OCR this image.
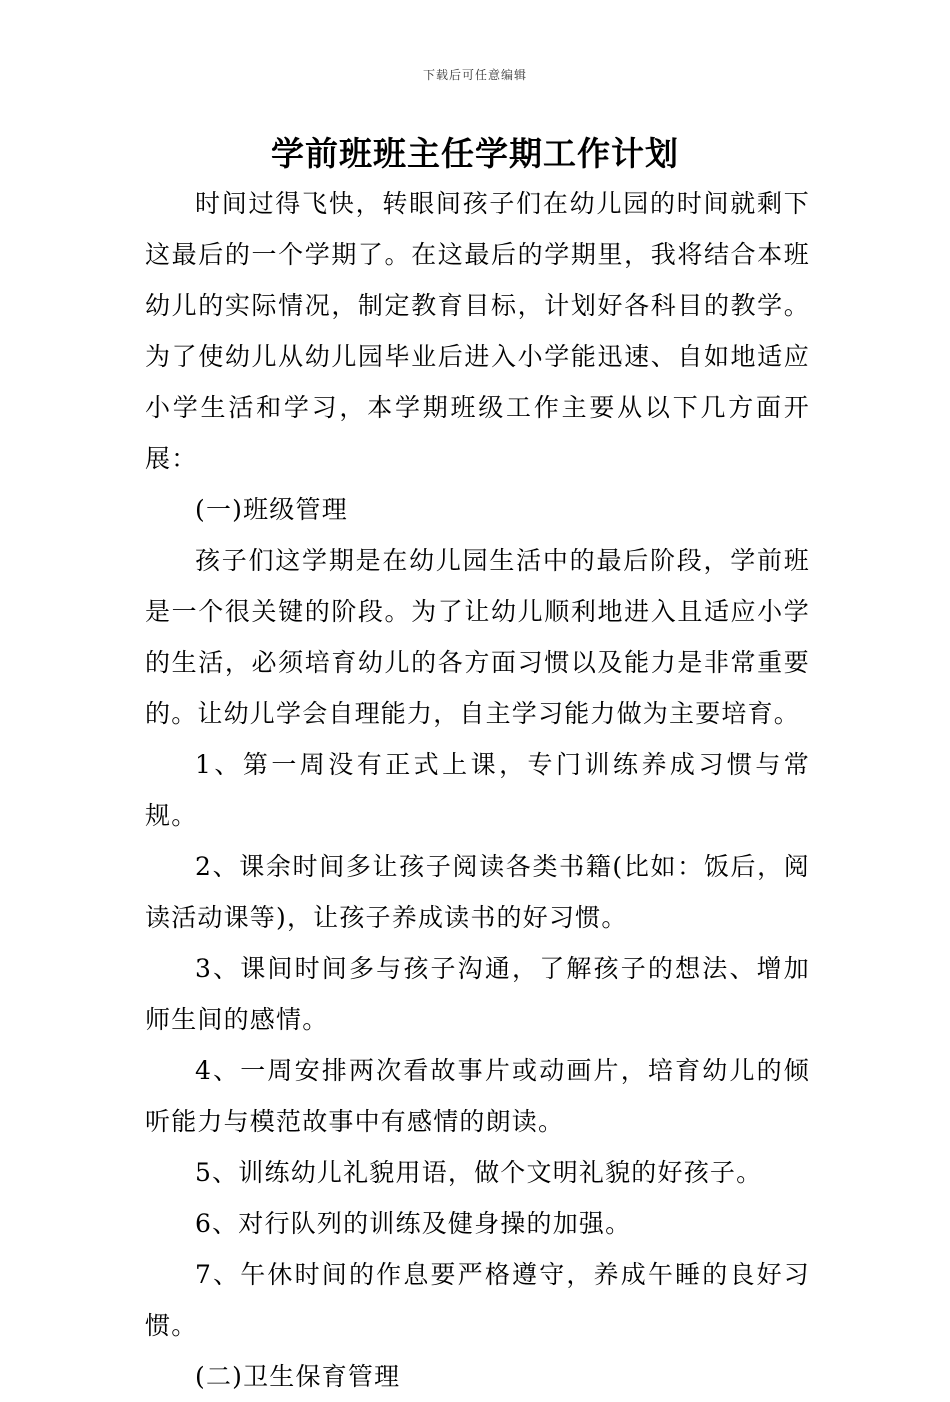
下载后可任意编辑
学前班班主任学期工作计划

时间过得飞快，转眼间孩子们在幼儿园的时间就剩下这最后的一个学期了。在这最后的学期里，我将结合本班幼儿的实际情况，制定教育目标，计划好各科目的教学。为了使幼儿从幼儿园毕业后进入小学能迅速、自如地适应小学生活和学习，本学期班级工作主要从以下几方面开展：

(一)班级管理

孩子们这学期是在幼儿园生活中的最后阶段，学前班是一个很关键的阶段。为了让幼儿顺利地进入且适应小学的生活，必须培育幼儿的各方面习惯以及能力是非常重要的。让幼儿学会自理能力，自主学习能力做为主要培育。

1、第一周没有正式上课，专门训练养成习惯与常规。

2、课余时间多让孩子阅读各类书籍(比如：饭后，阅读活动课等)，让孩子养成读书的好习惯。

3、课间时间多与孩子沟通，了解孩子的想法、增加师生间的感情。

4、一周安排两次看故事片或动画片，培育幼儿的倾听能力与模范故事中有感情的朗读。

5、训练幼儿礼貌用语，做个文明礼貌的好孩子。

6、对行队列的训练及健身操的加强。

7、午休时间的作息要严格遵守，养成午睡的良好习惯。

(二)卫生保育管理
